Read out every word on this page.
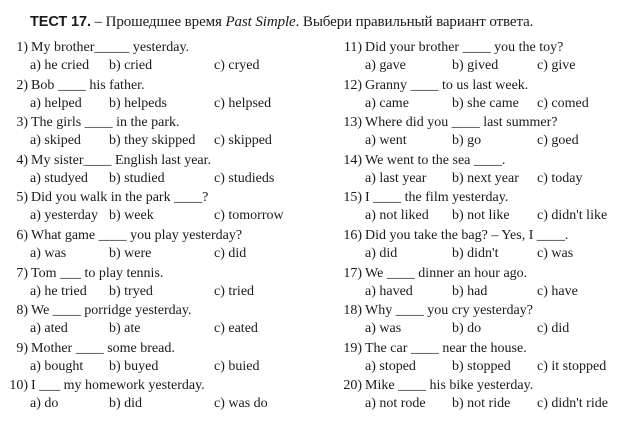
ТЕСТ 17. – Прошедшее время Past Simple. Выбери правильный вариант ответа.
1) My brother_____ yesterday.
a) he cried b) cried	c) cryed
2) Bob ____ his father.
a) helped b) helpeds	c) helpsed
3) The girls ____ in the park.
a) skiped b) they skipped c) skipped
4) My sister____ English last year.
a) studyed b) studied	c) studieds
5) Did you walk in the park ____?
a) yesterday b) week	c) tomorrow
6) What game ____ you play yesterday?
a) was	b) were	c) did
7) Tom ___ to play tennis.
a) he tried b) tryed	c) tried
8) We ____ porridge yesterday.
a) ated	b) ate	c) eated
9) Mother ____ some bread.
a) bought b) buyed	c) buied
10) I ___ my homework yesterday.
a) do	b) did	c) was do
11) Did your brother ____ you the toy?
a) gave	b) gived	c) give
12) Granny ____ to us last week.
a) came	b) she came c) comed
13) Where did you ____ last summer?
a) went	b) go	c) goed
14) We went to the sea ____.
a) last year b) next year c) today
15) I ____ the film yesterday.
a) not liked b) not like c) didn't like
16) Did you take the bag? – Yes, I ____.
a) did	b) didn't	c) was
17) We ____ dinner an hour ago.
a) haved	b) had	c) have
18) Why ____ you cry yesterday?
a) was	b) do	c) did
19) The car ____ near the house.
a) stoped	b) stopped c) it stopped
20) Mike ____ his bike yesterday.
a) not rode b) not ride c) didn't ride
